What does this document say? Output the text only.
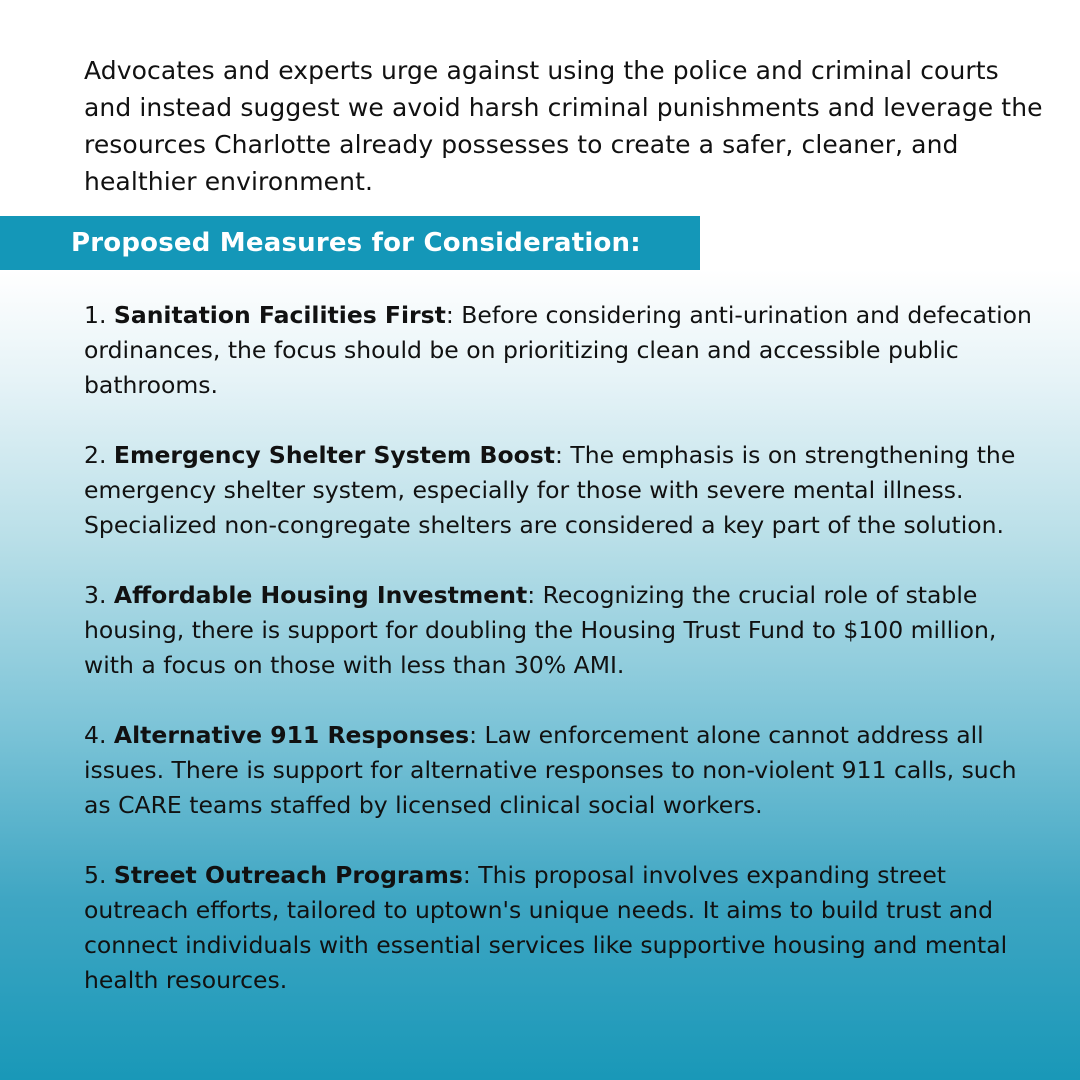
Advocates and experts urge against using the police and criminal courts and instead suggest we avoid harsh criminal punishments and leverage the resources Charlotte already possesses to create a safer, cleaner, and healthier environment.

Proposed Measures for Consideration:
1. Sanitation Facilities First: Before considering anti-urination and defecation ordinances, the focus should be on prioritizing clean and accessible public bathrooms.
2. Emergency Shelter System Boost: The emphasis is on strengthening the emergency shelter system, especially for those with severe mental illness. Specialized non-congregate shelters are considered a key part of the solution.
3. Affordable Housing Investment: Recognizing the crucial role of stable housing, there is support for doubling the Housing Trust Fund to $100 million, with a focus on those with less than 30% AMI.
4. Alternative 911 Responses: Law enforcement alone cannot address all issues. There is support for alternative responses to non-violent 911 calls, such as CARE teams staffed by licensed clinical social workers.
5. Street Outreach Programs: This proposal involves expanding street outreach efforts, tailored to uptown's unique needs. It aims to build trust and connect individuals with essential services like supportive housing and mental health resources.
